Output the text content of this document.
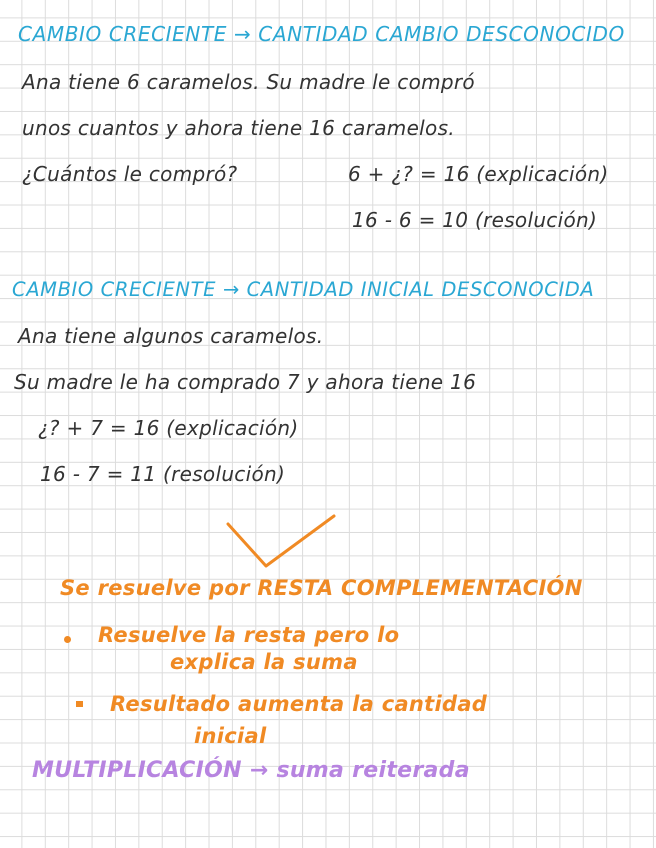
CAMBIO CRECIENTE → CANTIDAD CAMBIO DESCONOCIDO
Ana tiene 6 caramelos. Su madre le compró
unos cuantos y ahora tiene 16 caramelos.
¿Cuántos le compró?	6 + ¿? = 16 (explicación)
16 - 6 = 10 (resolución)
CAMBIO CRECIENTE → CANTIDAD INICIAL DESCONOCIDA
Ana tiene algunos caramelos.
Su madre le ha comprado 7 y ahora tiene 16
¿? + 7 = 16 (explicación)
16 - 7 = 11 (resolución)
Se resuelve por RESTA COMPLEMENTACIÓN
Resuelve la resta pero lo
explica la suma
Resultado aumenta la cantidad
inicial
MULTIPLICACIÓN → suma reiterada
